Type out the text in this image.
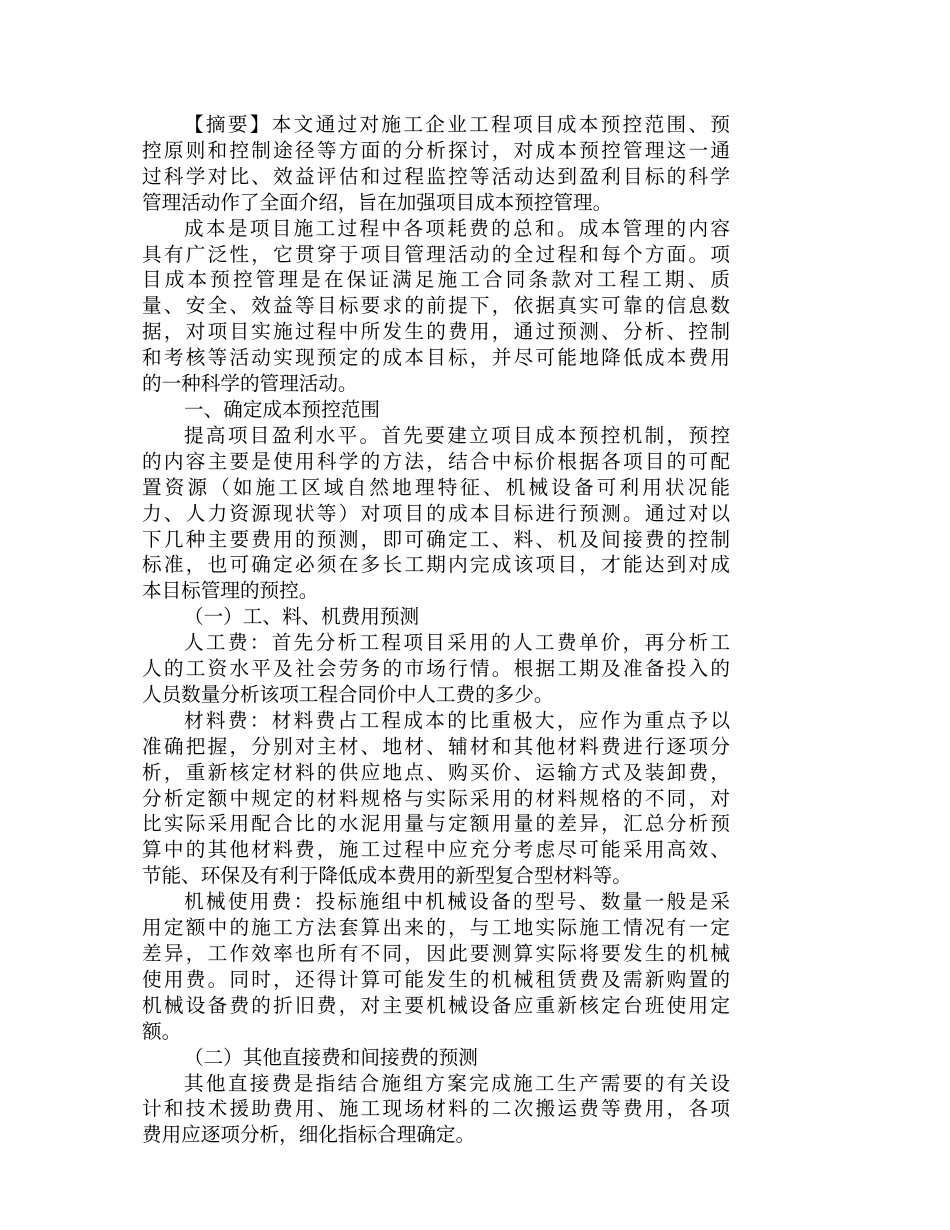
【摘要】本文通过对施工企业工程项目成本预控范围、预
控原则和控制途径等方面的分析探讨，对成本预控管理这一通
过科学对比、效益评估和过程监控等活动达到盈利目标的科学
管理活动作了全面介绍，旨在加强项目成本预控管理。
成本是项目施工过程中各项耗费的总和。成本管理的内容
具有广泛性，它贯穿于项目管理活动的全过程和每个方面。项
目成本预控管理是在保证满足施工合同条款对工程工期、质
量、安全、效益等目标要求的前提下，依据真实可靠的信息数
据，对项目实施过程中所发生的费用，通过预测、分析、控制
和考核等活动实现预定的成本目标，并尽可能地降低成本费用
的一种科学的管理活动。
一、确定成本预控范围
提高项目盈利水平。首先要建立项目成本预控机制，预控
的内容主要是使用科学的方法，结合中标价根据各项目的可配
置资源（如施工区域自然地理特征、机械设备可利用状况能
力、人力资源现状等）对项目的成本目标进行预测。通过对以
下几种主要费用的预测，即可确定工、料、机及间接费的控制
标准，也可确定必须在多长工期内完成该项目，才能达到对成
本目标管理的预控。
（一）工、料、机费用预测
人工费：首先分析工程项目采用的人工费单价，再分析工
人的工资水平及社会劳务的市场行情。根据工期及准备投入的
人员数量分析该项工程合同价中人工费的多少。
材料费：材料费占工程成本的比重极大，应作为重点予以
准确把握，分别对主材、地材、辅材和其他材料费进行逐项分
析，重新核定材料的供应地点、购买价、运输方式及装卸费，
分析定额中规定的材料规格与实际采用的材料规格的不同，对
比实际采用配合比的水泥用量与定额用量的差异，汇总分析预
算中的其他材料费，施工过程中应充分考虑尽可能采用高效、
节能、环保及有利于降低成本费用的新型复合型材料等。
机械使用费：投标施组中机械设备的型号、数量一般是采
用定额中的施工方法套算出来的，与工地实际施工情况有一定
差异，工作效率也所有不同，因此要测算实际将要发生的机械
使用费。同时，还得计算可能发生的机械租赁费及需新购置的
机械设备费的折旧费，对主要机械设备应重新核定台班使用定
额。
（二）其他直接费和间接费的预测
其他直接费是指结合施组方案完成施工生产需要的有关设
计和技术援助费用、施工现场材料的二次搬运费等费用，各项
费用应逐项分析，细化指标合理确定。
